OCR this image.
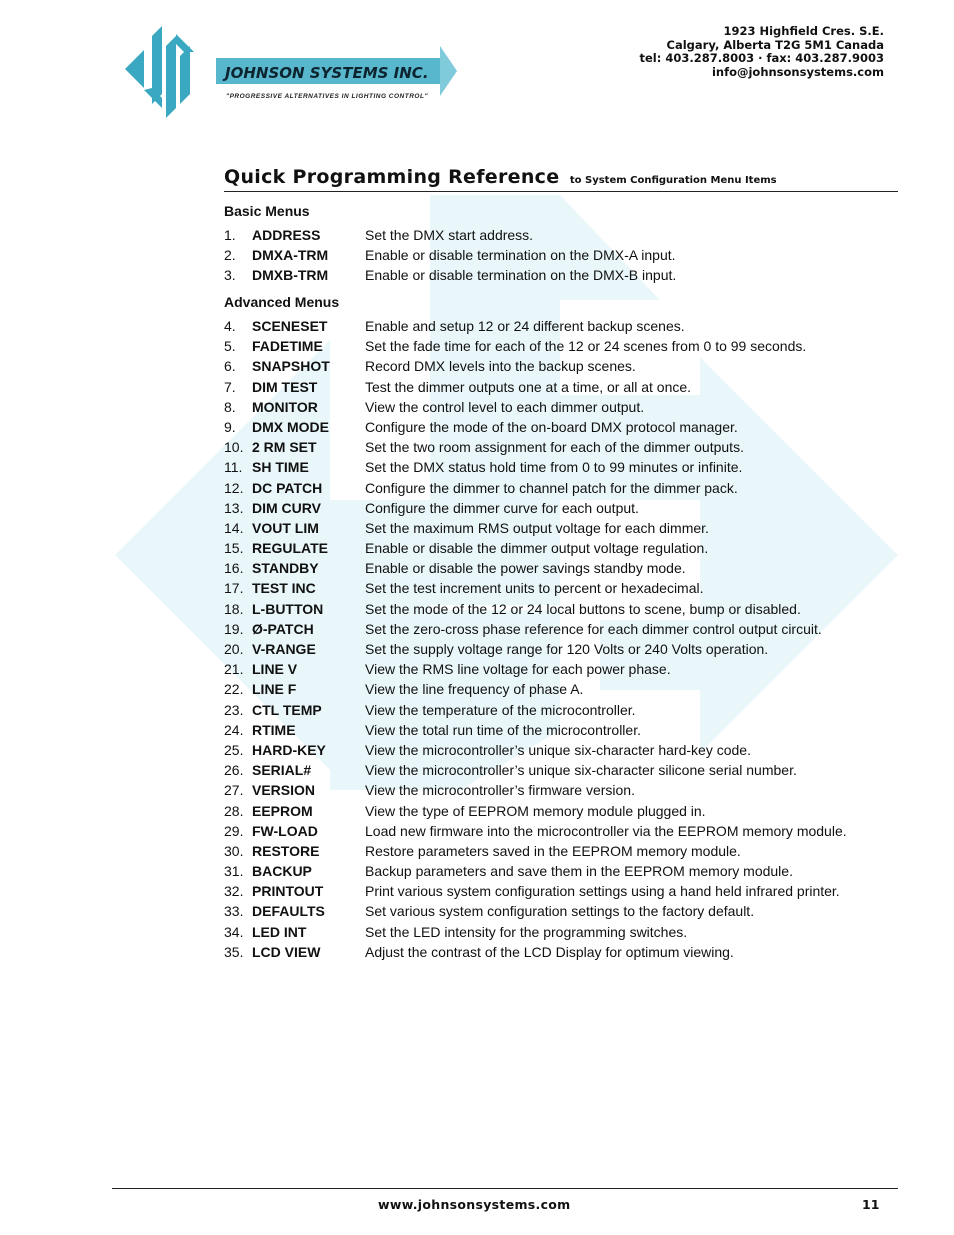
JOHNSON SYSTEMS INC.
"PROGRESSIVE ALTERNATIVES IN LIGHTING CONTROL"
1923 Highfield Cres. S.E.
Calgary, Alberta T2G 5M1 Canada
tel: 403.287.8003 · fax: 403.287.9003
info@johnsonsystems.com
Quick Programming Reference to System Configuration Menu Items
Basic Menus
1. ADDRESS	Set the DMX start address.
2. DMXA-TRM	Enable or disable termination on the DMX-A input.
3. DMXB-TRM	Enable or disable termination on the DMX-B input.
Advanced Menus
4. SCENESET	Enable and setup 12 or 24 different backup scenes.
5. FADETIME	Set the fade time for each of the 12 or 24 scenes from 0 to 99 seconds.
6. SNAPSHOT	Record DMX levels into the backup scenes.
7. DIM TEST	Test the dimmer outputs one at a time, or all at once.
8. MONITOR	View the control level to each dimmer output.
9. DMX MODE	Configure the mode of the on-board DMX protocol manager.
10. 2 RM SET	Set the two room assignment for each of the dimmer outputs.
11. SH TIME	Set the DMX status hold time from 0 to 99 minutes or infinite.
12. DC PATCH	Configure the dimmer to channel patch for the dimmer pack.
13. DIM CURV	Configure the dimmer curve for each output.
14. VOUT LIM	Set the maximum RMS output voltage for each dimmer.
15. REGULATE	Enable or disable the dimmer output voltage regulation.
16. STANDBY	Enable or disable the power savings standby mode.
17. TEST INC	Set the test increment units to percent or hexadecimal.
18. L-BUTTON	Set the mode of the 12 or 24 local buttons to scene, bump or disabled.
19. Ø-PATCH	Set the zero-cross phase reference for each dimmer control output circuit.
20. V-RANGE	Set the supply voltage range for 120 Volts or 240 Volts operation.
21. LINE V	View the RMS line voltage for each power phase.
22. LINE F	View the line frequency of phase A.
23. CTL TEMP	View the temperature of the microcontroller.
24. RTIME	View the total run time of the microcontroller.
25. HARD-KEY	View the microcontroller’s unique six-character hard-key code.
26. SERIAL#	View the microcontroller’s unique six-character silicone serial number.
27. VERSION	View the microcontroller’s firmware version.
28. EEPROM	View the type of EEPROM memory module plugged in.
29. FW-LOAD	Load new firmware into the microcontroller via the EEPROM memory module.
30. RESTORE	Restore parameters saved in the EEPROM memory module.
31. BACKUP	Backup parameters and save them in the EEPROM memory module.
32. PRINTOUT	Print various system configuration settings using a hand held infrared printer.
33. DEFAULTS	Set various system configuration settings to the factory default.
34. LED INT	Set the LED intensity for the programming switches.
35. LCD VIEW	Adjust the contrast of the LCD Display for optimum viewing.
www.johnsonsystems.com	11
